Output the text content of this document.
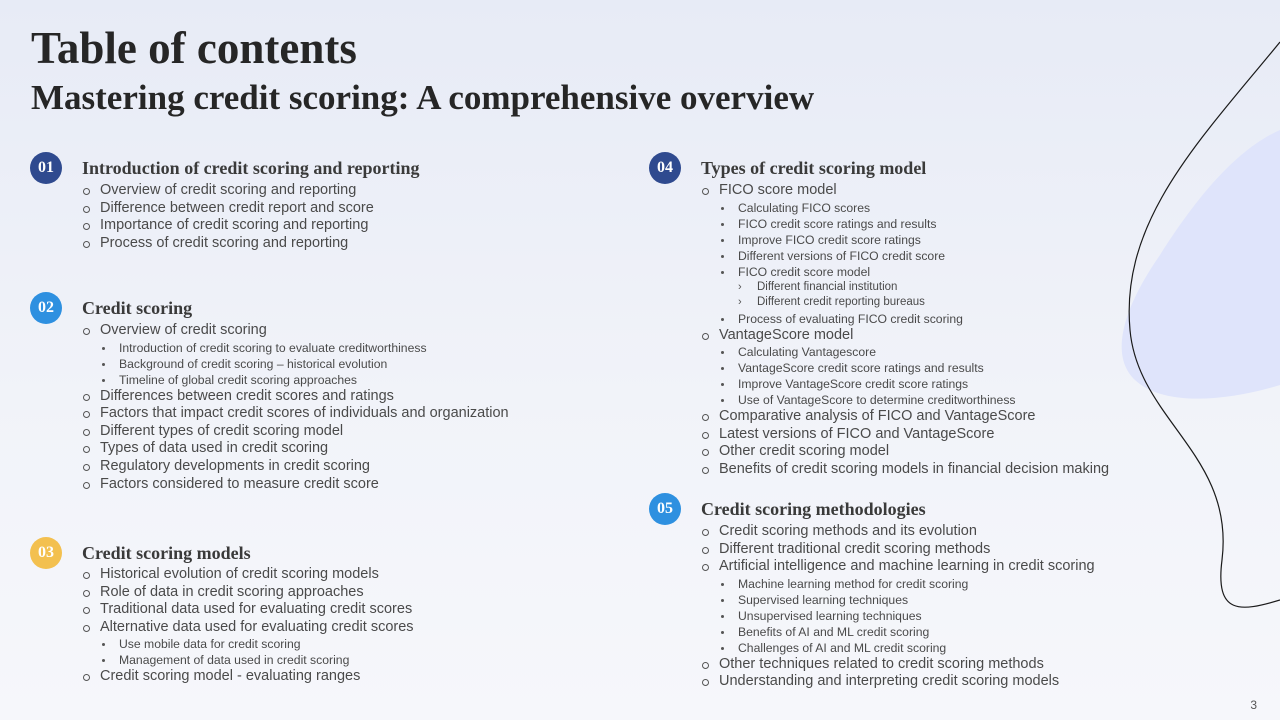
Table of contents
Mastering credit scoring: A comprehensive overview
01	Introduction of credit scoring and reporting
Overview of credit scoring and reporting
Difference between credit report and score
Importance of credit scoring and reporting
Process of credit scoring and reporting
02	Credit scoring
Overview of credit scoring
Introduction of credit scoring to evaluate creditworthiness
Background of credit scoring – historical evolution
Timeline of global credit scoring approaches
Differences between credit scores and ratings
Factors that impact credit scores of individuals and organization
Different types of credit scoring model
Types of data used in credit scoring
Regulatory developments in credit scoring
Factors considered to measure credit score
03	Credit scoring models
Historical evolution of credit scoring models
Role of data in credit scoring approaches
Traditional data used for evaluating credit scores
Alternative data used for evaluating credit scores
Use mobile data for credit scoring
Management of data used in credit scoring
Credit scoring model - evaluating ranges
04	Types of credit scoring model
FICO score model
Calculating FICO scores
FICO credit score ratings and results
Improve FICO credit score ratings
Different versions of FICO credit score
FICO credit score model
› Different financial institution
› Different credit reporting bureaus
Process of evaluating FICO credit scoring
VantageScore model
Calculating Vantagescore
VantageScore credit score ratings and results
Improve VantageScore credit score ratings
Use of VantageScore to determine creditworthiness
Comparative analysis of FICO and VantageScore
Latest versions of FICO and VantageScore
Other credit scoring model
Benefits of credit scoring models in financial decision making
05	Credit scoring methodologies
Credit scoring methods and its evolution
Different traditional credit scoring methods
Artificial intelligence and machine learning in credit scoring
Machine learning method for credit scoring
Supervised learning techniques
Unsupervised learning techniques
Benefits of AI and ML credit scoring
Challenges of AI and ML credit scoring
Other techniques related to credit scoring methods
Understanding and interpreting credit scoring models
3
